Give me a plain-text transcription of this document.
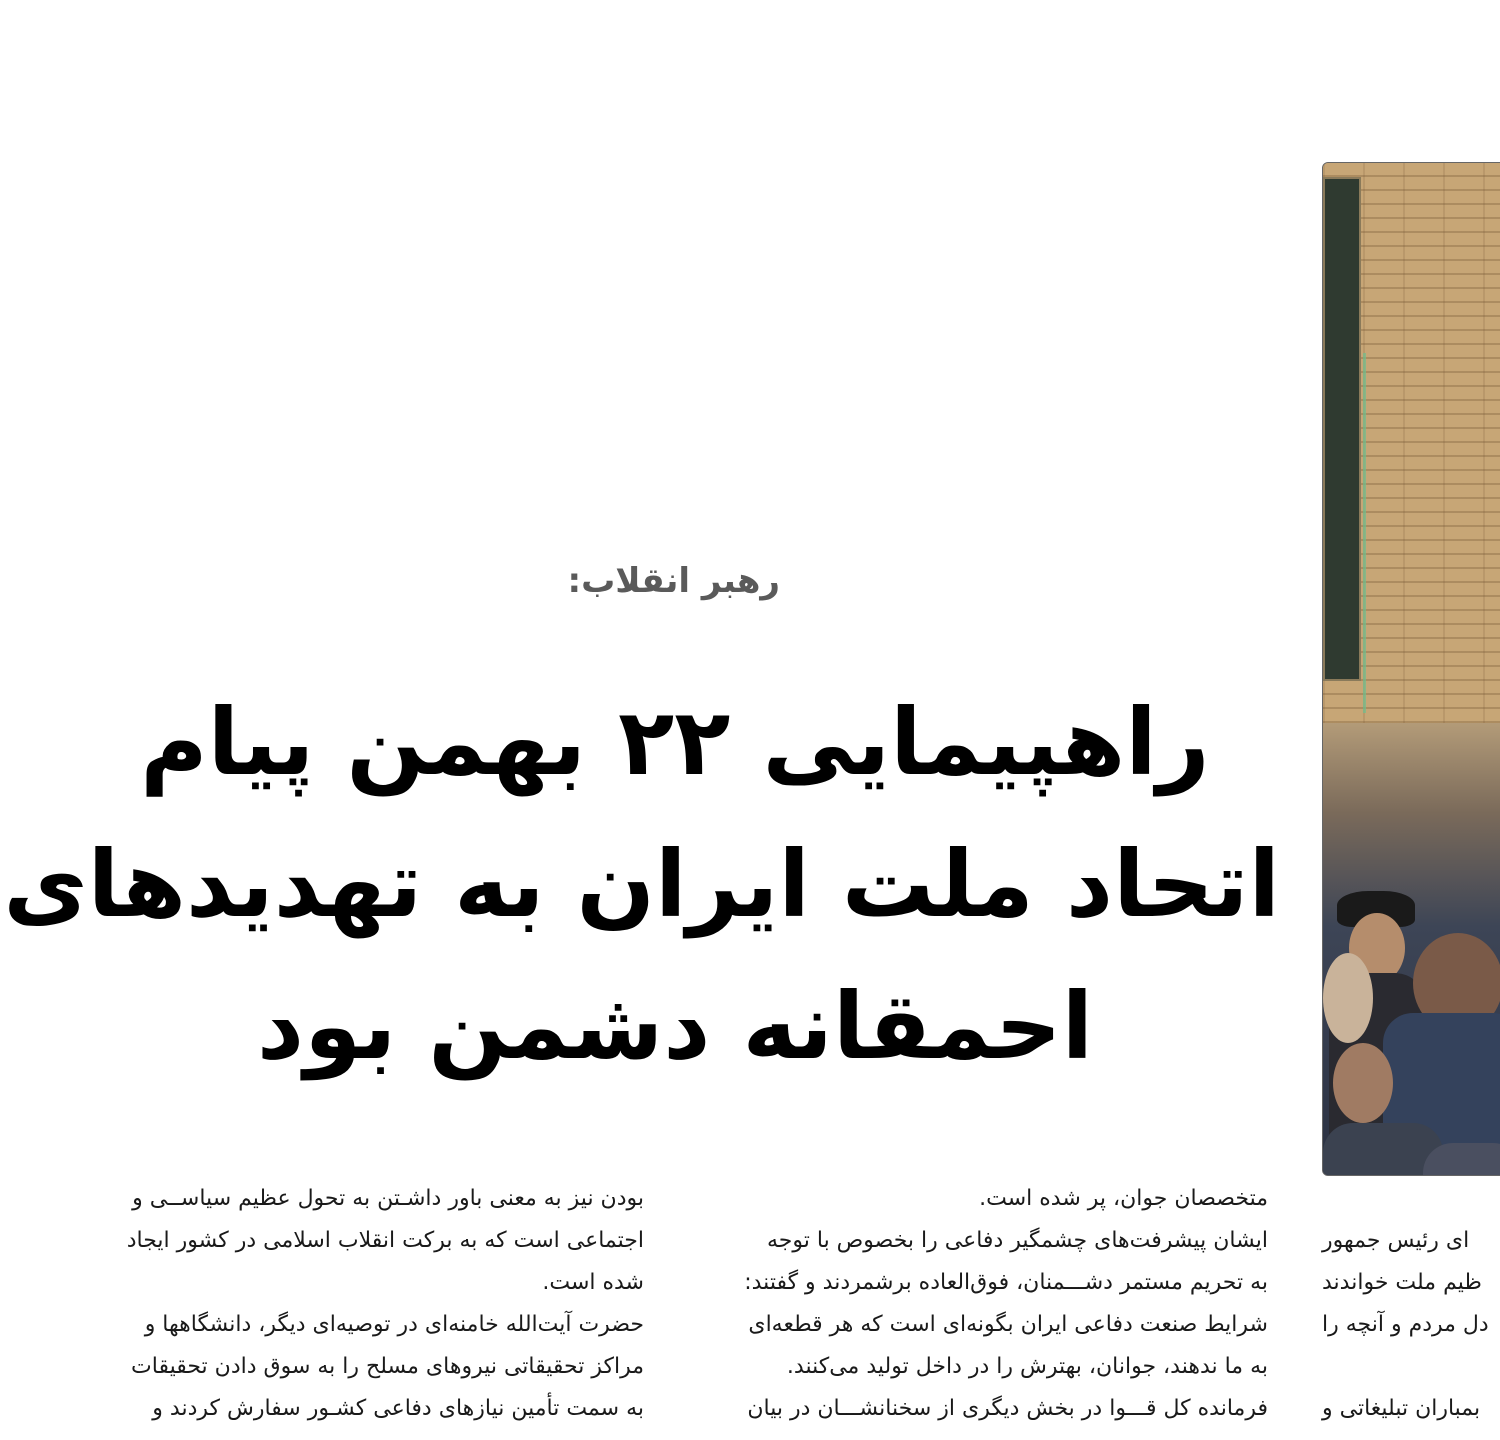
رهبر انقلاب:
راهپیمایی ۲۲ بهمن پیام
اتحاد ملت ایران به تهدیدهای
احمقانه دشمن بود

بودن نیز به معنی باور داشـتن به تحول عظیم سیاســی و

اجتماعی است که به برکت انقلاب اسلامی در کشور ایجاد

شده است.

حضرت آیت‌الله خامنه‌ای در توصیه‌ای دیگر، دانشگاهها و

مراکز تحقیقاتی نیروهای مسلح را به سوق دادن تحقیقات

به سمت تأمین نیازهای دفاعی کشـور سفارش کردند و

متخصصان جوان، پر شده است.

ایشان پیشرفت‌های چشمگیر دفاعی را بخصوص با توجه

به تحریم مستمر دشـــمنان، فوق‌العاده برشمردند و گفتند:

شرایط صنعت دفاعی ایران بگونه‌ای است که هر قطعه‌ای

به ما ندهند، جوانان، بهترش را در داخل تولید می‌کنند.

فرمانده کل قـــوا در بخش دیگری از سخنانشـــان در بیان

ای رئیس جمهور

ظیم ملت خواندند

دل مردم و آنچه را

بمباران تبلیغاتی و
